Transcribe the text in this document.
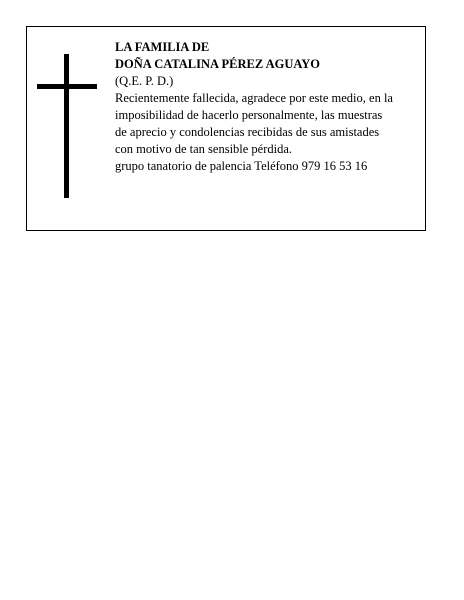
LA FAMILIA DE
DOÑA CATALINA PÉREZ AGUAYO
(Q.E. P. D.)
Recientemente fallecida, agradece por este medio, en la
imposibilidad de hacerlo personalmente, las muestras
de aprecio y condolencias recibidas de sus amistades
con motivo de tan sensible pérdida.
grupo tanatorio de palencia Teléfono 979 16 53 16
